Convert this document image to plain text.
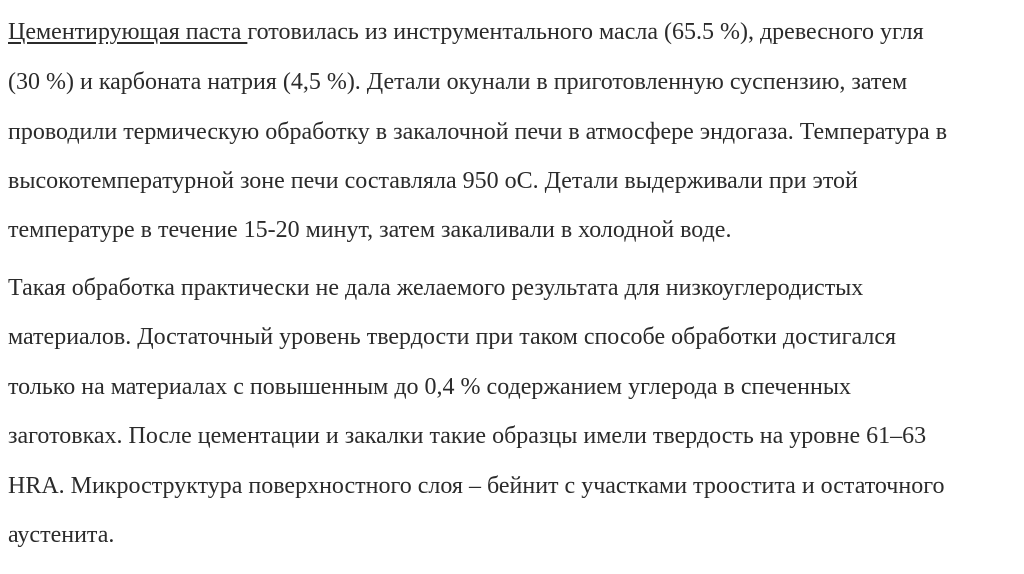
Цементирующая паста готовилась из инструментального масла (65.5 %), древесного угля
(30 %) и карбоната натрия (4,5 %). Детали окунали в приготовленную суспензию, затем
проводили термическую обработку в закалочной печи в атмосфере эндогаза. Температура в
высокотемпературной зоне печи составляла 950 оС. Детали выдерживали при этой
температуре в течение 15-20 минут, затем закаливали в холодной воде.
Такая обработка практически не дала желаемого результата для низкоуглеродистых
материалов. Достаточный уровень твердости при таком способе обработки достигался
только на материалах с повышенным до 0,4 % содержанием углерода в спеченных
заготовках. После цементации и закалки такие образцы имели твердость на уровне 61–63
HRA. Микроструктура поверхностного слоя – бейнит с участками троостита и остаточного
аустенита.
